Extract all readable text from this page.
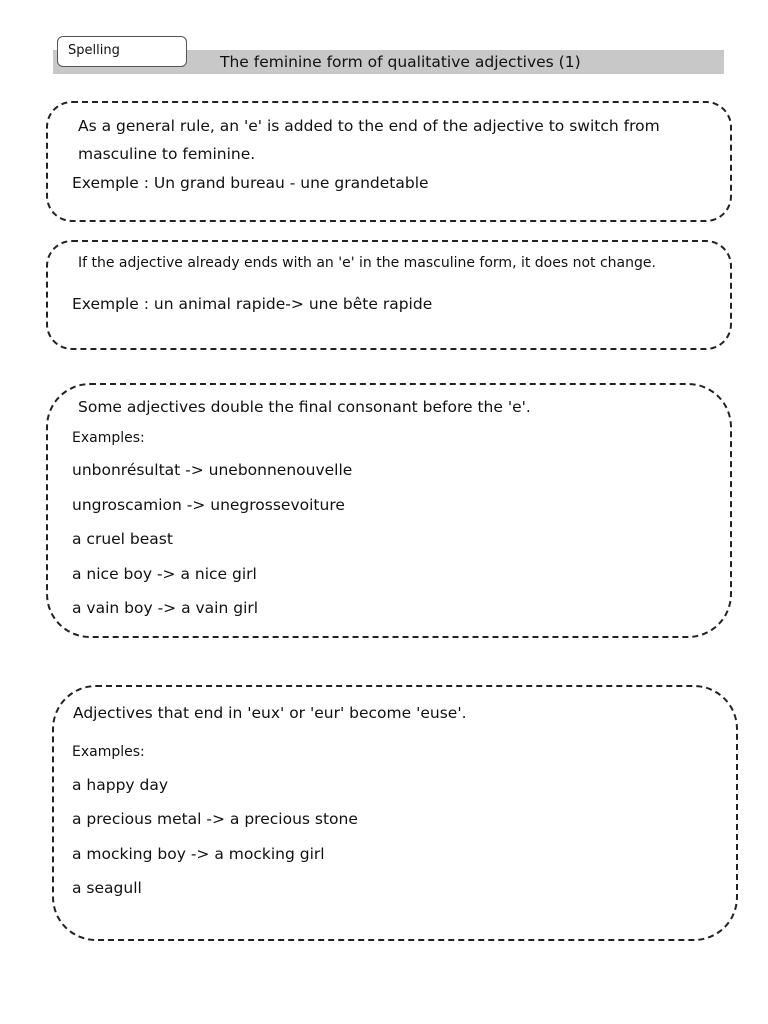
The feminine form of qualitative adjectives (1)
Spelling
As a general rule, an 'e' is added to the end of the adjective to switch from
masculine to feminine.
Exemple : Un grand bureau - une grandetable
If the adjective already ends with an 'e' in the masculine form, it does not change.
Exemple : un animal rapide-> une bête rapide
Some adjectives double the final consonant before the 'e'.
Examples:
unbonrésultat -> unebonnenouvelle
ungroscamion -> unegrossevoiture
a cruel beast
a nice boy -> a nice girl
a vain boy -> a vain girl
Adjectives that end in 'eux' or 'eur' become 'euse'.
Examples:
a happy day
a precious metal -> a precious stone
a mocking boy -> a mocking girl
a seagull
